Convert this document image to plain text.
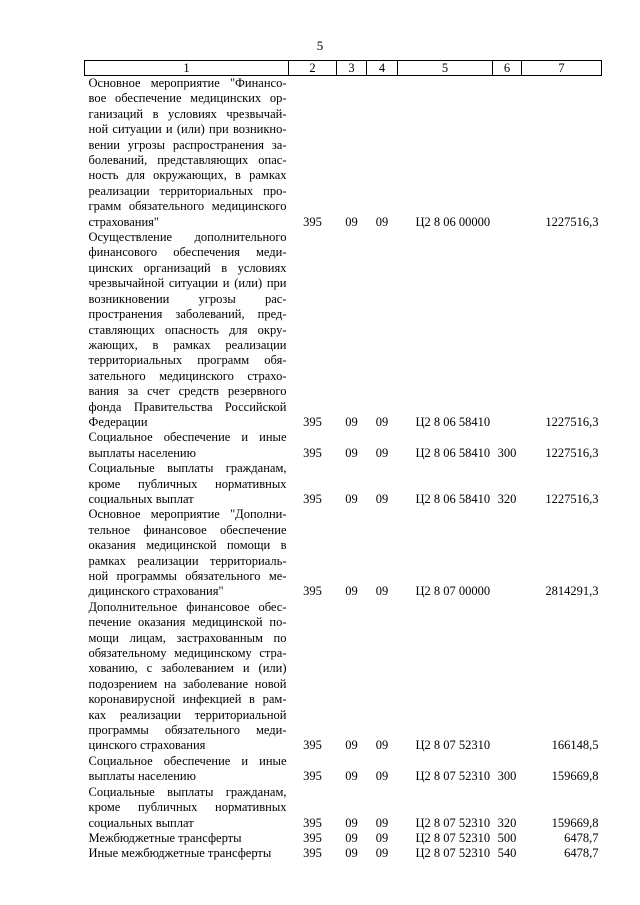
5
1	2	3	4	5	6	7
Основное мероприятие "Финансо-вое обеспечение медицинских ор-ганизаций в условиях чрезвычай-ной ситуации и (или) при возникно-вении угрозы распространения за-болеваний, представляющих опас-ность для окружающих, в рамках реализации территориальных про-грамм обязательного медицинского страхования"	395	09	09	Ц2 8 06 00000		1227516,3
Осуществление дополнительного финансового обеспечения меди-цинских организаций в условиях чрезвычайной ситуации и (или) при возникновении угрозы рас-пространения заболеваний, пред-ставляющих опасность для окру-жающих, в рамках реализации территориальных программ обя-зательного медицинского страхо-вания за счет средств резервного фонда Правительства Российской Федерации	395	09	09	Ц2 8 06 58410		1227516,3
Социальное обеспечение и иные выплаты населению	395	09	09	Ц2 8 06 58410	300	1227516,3
Социальные выплаты гражданам, кроме публичных нормативных социальных выплат	395	09	09	Ц2 8 06 58410	320	1227516,3
Основное мероприятие "Дополни-тельное финансовое обеспечение оказания медицинской помощи в рамках реализации территориаль-ной программы обязательного ме-дицинского страхования"	395	09	09	Ц2 8 07 00000		2814291,3
Дополнительное финансовое обес-печение оказания медицинской по-мощи лицам, застрахованным по обязательному медицинскому стра-хованию, с заболеванием и (или) подозрением на заболевание новой коронавирусной инфекцией в рам-ках реализации территориальной программы обязательного меди-цинского страхования	395	09	09	Ц2 8 07 52310		166148,5
Социальное обеспечение и иные выплаты населению	395	09	09	Ц2 8 07 52310	300	159669,8
Социальные выплаты гражданам, кроме публичных нормативных социальных выплат	395	09	09	Ц2 8 07 52310	320	159669,8
Межбюджетные трансферты	395	09	09	Ц2 8 07 52310	500	6478,7
Иные межбюджетные трансферты	395	09	09	Ц2 8 07 52310	540	6478,7
